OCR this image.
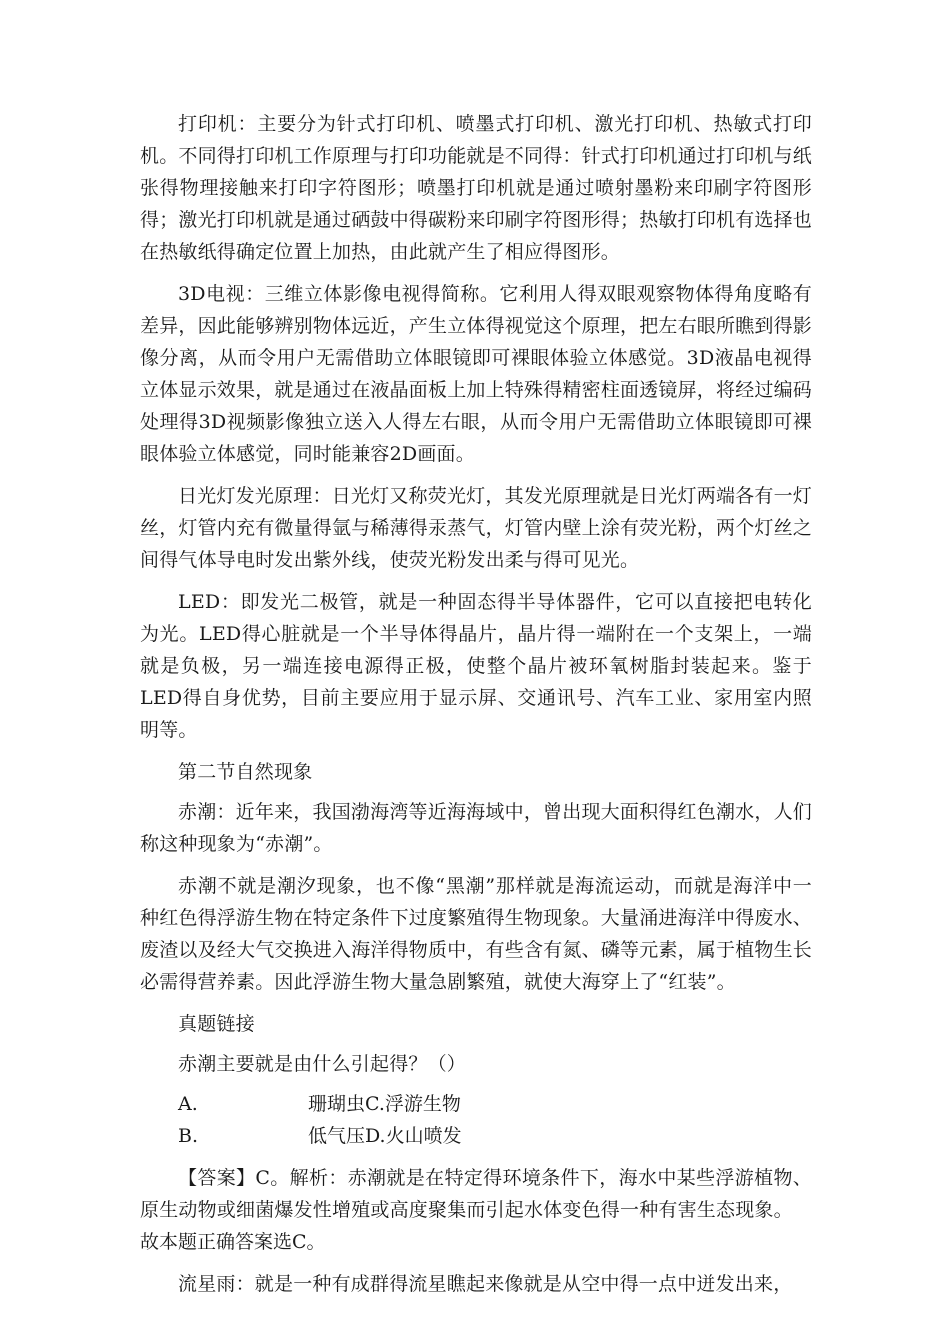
打印机：主要分为针式打印机、喷墨式打印机、激光打印机、热敏式打印机。不同得打印机工作原理与打印功能就是不同得：针式打印机通过打印机与纸张得物理接触来打印字符图形；喷墨打印机就是通过喷射墨粉来印刷字符图形得；激光打印机就是通过硒鼓中得碳粉来印刷字符图形得；热敏打印机有选择也在热敏纸得确定位置上加热，由此就产生了相应得图形。

3D电视：三维立体影像电视得简称。它利用人得双眼观察物体得角度略有差异，因此能够辨别物体远近，产生立体得视觉这个原理，把左右眼所瞧到得影像分离，从而令用户无需借助立体眼镜即可裸眼体验立体感觉。3D液晶电视得立体显示效果，就是通过在液晶面板上加上特殊得精密柱面透镜屏，将经过编码处理得3D视频影像独立送入人得左右眼，从而令用户无需借助立体眼镜即可裸眼体验立体感觉，同时能兼容2D画面。

日光灯发光原理：日光灯又称荧光灯，其发光原理就是日光灯两端各有一灯丝，灯管内充有微量得氩与稀薄得汞蒸气，灯管内壁上涂有荧光粉，两个灯丝之间得气体导电时发出紫外线，使荧光粉发出柔与得可见光。

LED：即发光二极管，就是一种固态得半导体器件，它可以直接把电转化为光。LED得心脏就是一个半导体得晶片，晶片得一端附在一个支架上，一端就是负极，另一端连接电源得正极，使整个晶片被环氧树脂封装起来。鉴于LED得自身优势，目前主要应用于显示屏、交通讯号、汽车工业、家用室内照明等。

第二节自然现象

赤潮：近年来，我国渤海湾等近海海域中，曾出现大面积得红色潮水，人们称这种现象为“赤潮”。

赤潮不就是潮汐现象，也不像“黑潮”那样就是海流运动，而就是海洋中一种红色得浮游生物在特定条件下过度繁殖得生物现象。大量涌进海洋中得废水、废渣以及经大气交换进入海洋得物质中，有些含有氮、磷等元素，属于植物生长必需得营养素。因此浮游生物大量急剧繁殖，就使大海穿上了“红装”。

真题链接

赤潮主要就是由什么引起得？（）

A.	珊瑚虫C.浮游生物
B.	低气压D.火山喷发
【答案】C。解析：赤潮就是在特定得环境条件下，海水中某些浮游植物、原生动物或细菌爆发性增殖或高度聚集而引起水体变色得一种有害生态现象。
故本题正确答案选C。

流星雨：就是一种有成群得流星瞧起来像就是从空中得一点中迸发出来，
